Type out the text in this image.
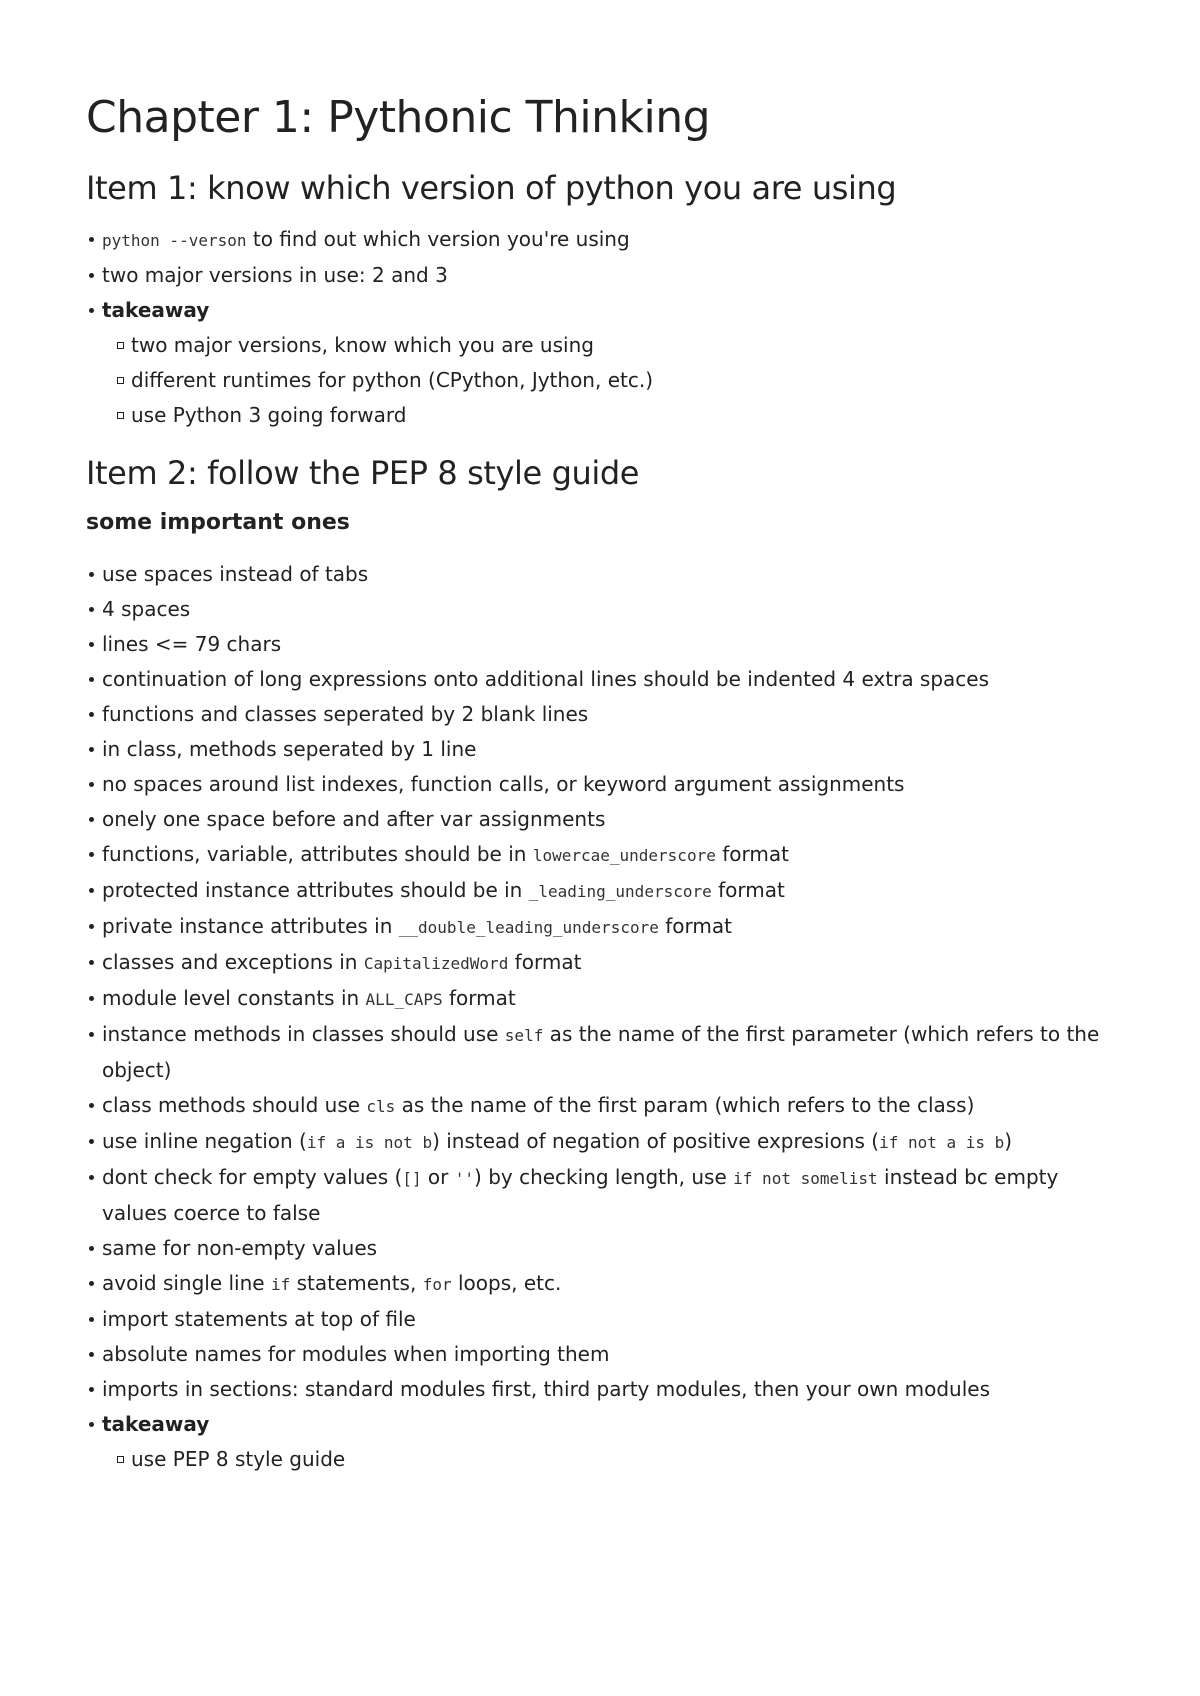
Chapter 1: Pythonic Thinking
Item 1: know which version of python you are using
python --verson to find out which version you're using
two major versions in use: 2 and 3
takeaway
two major versions, know which you are using
different runtimes for python (CPython, Jython, etc.)
use Python 3 going forward
Item 2: follow the PEP 8 style guide
some important ones
use spaces instead of tabs
4 spaces
lines <= 79 chars
continuation of long expressions onto additional lines should be indented 4 extra spaces
functions and classes seperated by 2 blank lines
in class, methods seperated by 1 line
no spaces around list indexes, function calls, or keyword argument assignments
onely one space before and after var assignments
functions, variable, attributes should be in lowercae_underscore format
protected instance attributes should be in _leading_underscore format
private instance attributes in __double_leading_underscore format
classes and exceptions in CapitalizedWord format
module level constants in ALL_CAPS format
instance methods in classes should use self as the name of the first parameter (which refers to the object)
class methods should use cls as the name of the first param (which refers to the class)
use inline negation (if a is not b) instead of negation of positive expresions (if not a is b)
dont check for empty values ([] or '') by checking length, use if not somelist instead bc empty values coerce to false
same for non-empty values
avoid single line if statements, for loops, etc.
import statements at top of file
absolute names for modules when importing them
imports in sections: standard modules first, third party modules, then your own modules
takeaway
use PEP 8 style guide
